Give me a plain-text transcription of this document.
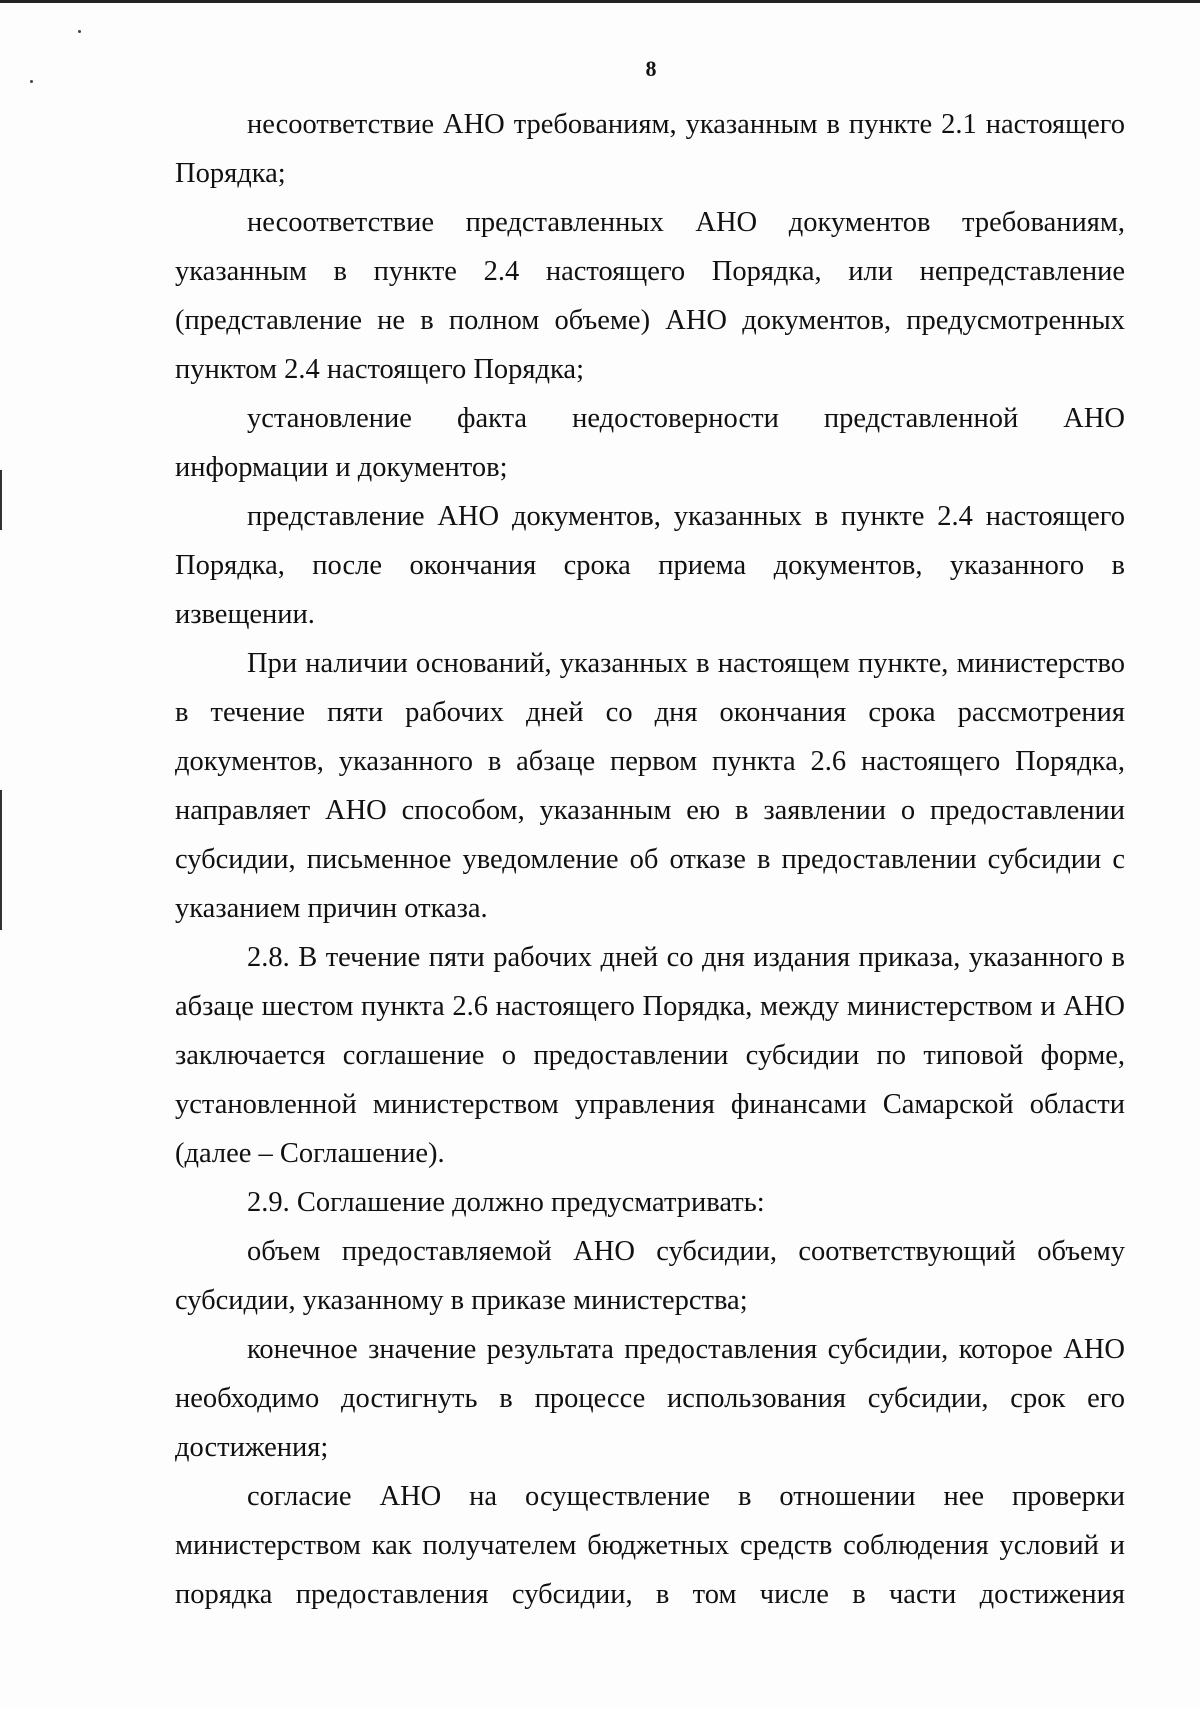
8

несоответствие АНО требованиям, указанным в пункте 2.1 настоящего Порядка;

несоответствие представленных АНО документов требованиям, указанным в пункте 2.4 настоящего Порядка, или непредставление (представление не в полном объеме) АНО документов, предусмотренных пунктом 2.4 настоящего Порядка;

установление факта недостоверности представленной АНО информации и документов;

представление АНО документов, указанных в пункте 2.4 настоящего Порядка, после окончания срока приема документов, указанного в извещении.

При наличии оснований, указанных в настоящем пункте, министерство в течение пяти рабочих дней со дня окончания срока рассмотрения документов, указанного в абзаце первом пункта 2.6 настоящего Порядка, направляет АНО способом, указанным ею в заявлении о предоставлении субсидии, письменное уведомление об отказе в предоставлении субсидии с указанием причин отказа.

2.8. В течение пяти рабочих дней со дня издания приказа, указанного в абзаце шестом пункта 2.6 настоящего Порядка, между министерством и АНО заключается соглашение о предоставлении субсидии по типовой форме, установленной министерством управления финансами Самарской области (далее – Соглашение).

2.9. Соглашение должно предусматривать:

объем предоставляемой АНО субсидии, соответствующий объему субсидии, указанному в приказе министерства;

конечное значение результата предоставления субсидии, которое АНО необходимо достигнуть в процессе использования субсидии, срок его достижения;

согласие АНО на осуществление в отношении нее проверки министерством как получателем бюджетных средств соблюдения условий и порядка предоставления субсидии, в том числе в части достижения
